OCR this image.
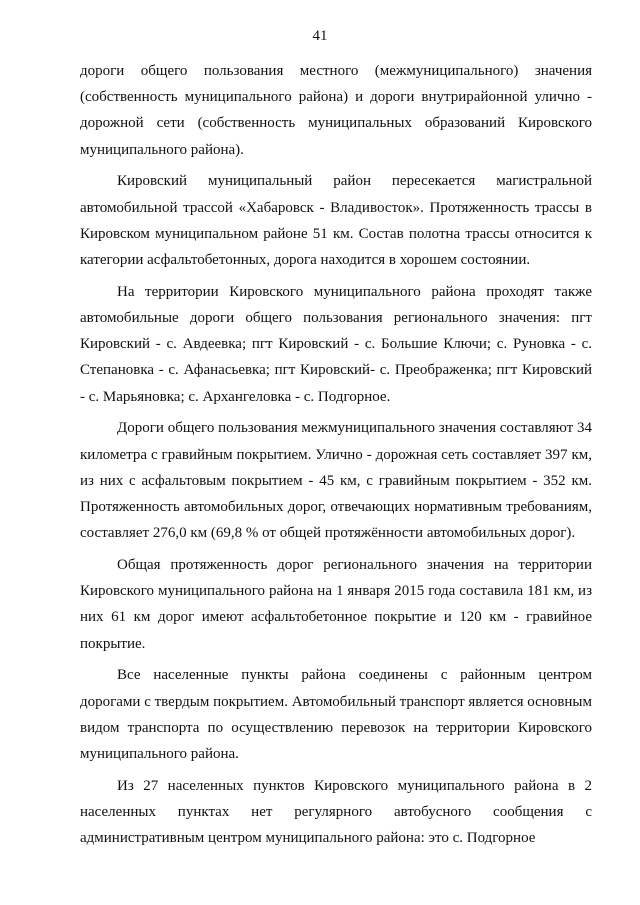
41

дороги общего пользования местного (межмуниципального) значения (собственность муниципального района) и дороги внутрирайонной улично - дорожной сети (собственность муниципальных образований Кировского муниципального района).

Кировский муниципальный район пересекается магистральной автомобильной трассой «Хабаровск - Владивосток». Протяженность трассы в Кировском муниципальном районе 51 км. Состав полотна трассы относится к категории асфальтобетонных, дорога находится в хорошем состоянии.

На территории Кировского муниципального района проходят также автомобильные дороги общего пользования регионального значения: пгт Кировский - с. Авдеевка; пгт Кировский - с. Большие Ключи; с. Руновка - с. Степановка - с. Афанасьевка; пгт Кировский- с. Преображенка; пгт Кировский - с. Марьяновка; с. Архангеловка - с. Подгорное.

Дороги общего пользования межмуниципального значения составляют 34 километра с гравийным покрытием. Улично - дорожная сеть составляет 397 км, из них с асфальтовым покрытием - 45 км, с гравийным покрытием - 352 км. Протяженность автомобильных дорог, отвечающих нормативным требованиям, составляет 276,0 км (69,8 % от общей протяжённости автомобильных дорог).

Общая протяженность дорог регионального значения на территории Кировского муниципального района на 1 января 2015 года составила 181 км, из них 61 км дорог имеют асфальтобетонное покрытие и 120 км - гравийное покрытие.

Все населенные пункты района соединены с районным центром дорогами с твердым покрытием. Автомобильный транспорт является основным видом транспорта по осуществлению перевозок на территории Кировского муниципального района.

Из 27 населенных пунктов Кировского муниципального района в 2 населенных пунктах нет регулярного автобусного сообщения с административным центром муниципального района: это с. Подгорное
